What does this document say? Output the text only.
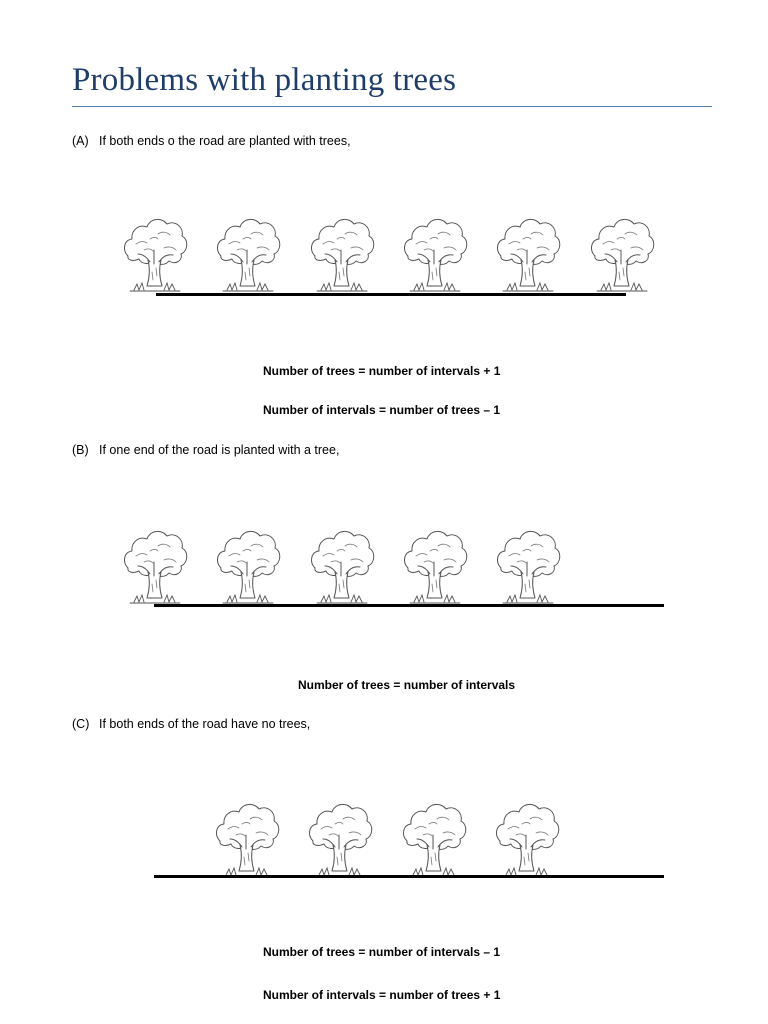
Problems with planting trees
(A) If both ends o the road are planted with trees,
Number of trees = number of intervals + 1
Number of intervals = number of trees – 1
(B) If one end of the road is planted with a tree,
Number of trees = number of intervals
(C) If both ends of the road have no trees,
Number of trees = number of intervals – 1
Number of intervals = number of trees + 1
